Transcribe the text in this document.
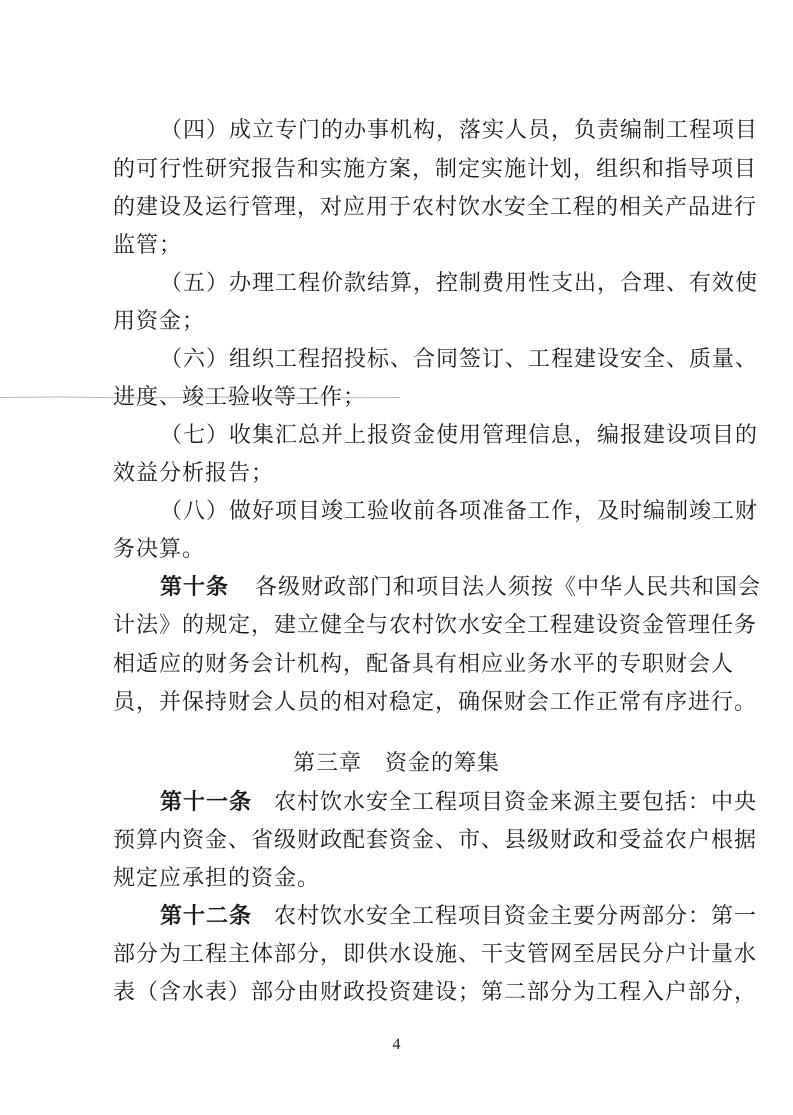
（四）成立专门的办事机构，落实人员，负责编制工程项目
的可行性研究报告和实施方案，制定实施计划，组织和指导项目
的建设及运行管理，对应用于农村饮水安全工程的相关产品进行
监管；
（五）办理工程价款结算，控制费用性支出，合理、有效使
用资金；
（六）组织工程招投标、合同签订、工程建设安全、质量、
进度、竣工验收等工作；
（七）收集汇总并上报资金使用管理信息，编报建设项目的
效益分析报告；
（八）做好项目竣工验收前各项准备工作，及时编制竣工财
务决算。
第十条 各级财政部门和项目法人须按《中华人民共和国会
计法》的规定，建立健全与农村饮水安全工程建设资金管理任务
相适应的财务会计机构，配备具有相应业务水平的专职财会人
员，并保持财会人员的相对稳定，确保财会工作正常有序进行。
第三章　资金的筹集
第十一条 农村饮水安全工程项目资金来源主要包括：中央
预算内资金、省级财政配套资金、市、县级财政和受益农户根据
规定应承担的资金。
第十二条 农村饮水安全工程项目资金主要分两部分：第一
部分为工程主体部分，即供水设施、干支管网至居民分户计量水
表（含水表）部分由财政投资建设；第二部分为工程入户部分，
4
